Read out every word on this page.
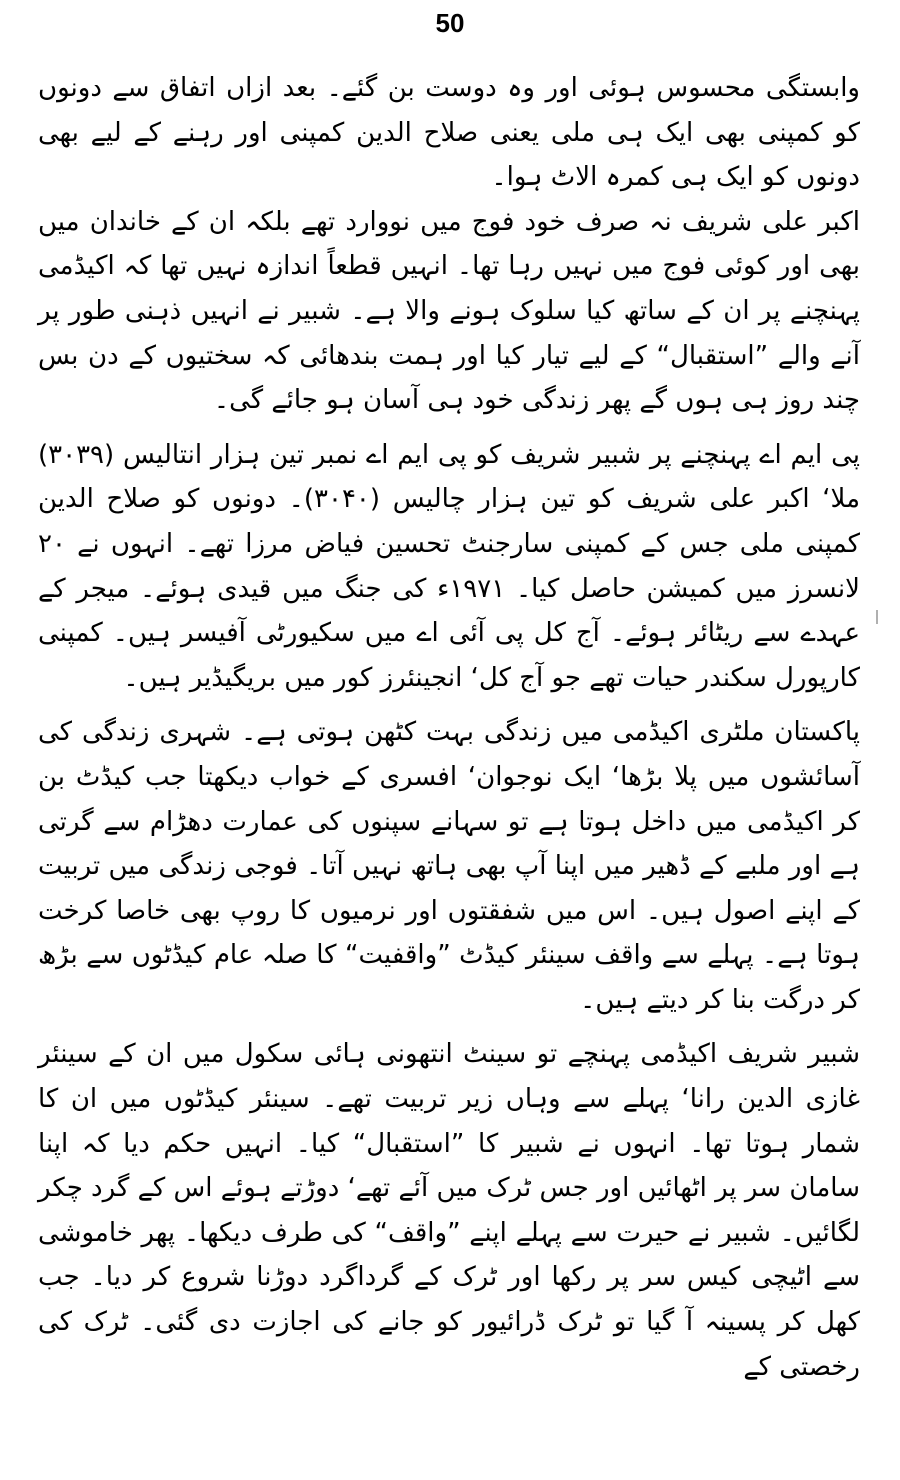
50

وابستگی محسوس ہوئی اور وہ دوست بن گئے۔ بعد ازاں اتفاق سے دونوں کو کمپنی بھی ایک ہی ملی یعنی صلاح الدین کمپنی اور رہنے کے لیے بھی دونوں کو ایک ہی کمرہ الاٹ ہوا۔

اکبر علی شریف نہ صرف خود فوج میں نووارد تھے بلکہ ان کے خاندان میں بھی اور کوئی فوج میں نہیں رہا تھا۔ انہیں قطعاً اندازہ نہیں تھا کہ اکیڈمی پہنچنے پر ان کے ساتھ کیا سلوک ہونے والا ہے۔ شبیر نے انہیں ذہنی طور پر آنے والے ”استقبال“ کے لیے تیار کیا اور ہمت بندھائی کہ سختیوں کے دن بس چند روز ہی ہوں گے پھر زندگی خود ہی آسان ہو جائے گی۔

پی ایم اے پہنچنے پر شبیر شریف کو پی ایم اے نمبر تین ہزار انتالیس (۳۰۳۹) ملا‘ اکبر علی شریف کو تین ہزار چالیس (۳۰۴۰)۔ دونوں کو صلاح الدین کمپنی ملی جس کے کمپنی سارجنٹ تحسین فیاض مرزا تھے۔ انہوں نے ۲۰ لانسرز میں کمیشن حاصل کیا۔ ۱۹۷۱ء کی جنگ میں قیدی ہوئے۔ میجر کے عہدے سے ریٹائر ہوئے۔ آج کل پی آئی اے میں سکیورٹی آفیسر ہیں۔ کمپنی کارپورل سکندر حیات تھے جو آج کل‘ انجینئرز کور میں بریگیڈیر ہیں۔

پاکستان ملٹری اکیڈمی میں زندگی بہت کٹھن ہوتی ہے۔ شہری زندگی کی آسائشوں میں پلا بڑھا‘ ایک نوجوان‘ افسری کے خواب دیکھتا جب کیڈٹ بن کر اکیڈمی میں داخل ہوتا ہے تو سہانے سپنوں کی عمارت دھڑام سے گرتی ہے اور ملبے کے ڈھیر میں اپنا آپ بھی ہاتھ نہیں آتا۔ فوجی زندگی میں تربیت کے اپنے اصول ہیں۔ اس میں شفقتوں اور نرمیوں کا روپ بھی خاصا کرخت ہوتا ہے۔ پہلے سے واقف سینئر کیڈٹ ”واقفیت“ کا صلہ عام کیڈٹوں سے بڑھ کر درگت بنا کر دیتے ہیں۔

شبیر شریف اکیڈمی پہنچے تو سینٹ انتھونی ہائی سکول میں ان کے سینئر غازی الدین رانا‘ پہلے سے وہاں زیر تربیت تھے۔ سینئر کیڈٹوں میں ان کا شمار ہوتا تھا۔ انہوں نے شبیر کا ”استقبال“ کیا۔ انہیں حکم دیا کہ اپنا سامان سر پر اٹھائیں اور جس ٹرک میں آئے تھے‘ دوڑتے ہوئے اس کے گرد چکر لگائیں۔ شبیر نے حیرت سے پہلے اپنے ”واقف“ کی طرف دیکھا۔ پھر خاموشی سے اٹیچی کیس سر پر رکھا اور ٹرک کے گرداگرد دوڑنا شروع کر دیا۔ جب کھل کر پسینہ آ گیا تو ٹرک ڈرائیور کو جانے کی اجازت دی گئی۔ ٹرک کی رخصتی کے
